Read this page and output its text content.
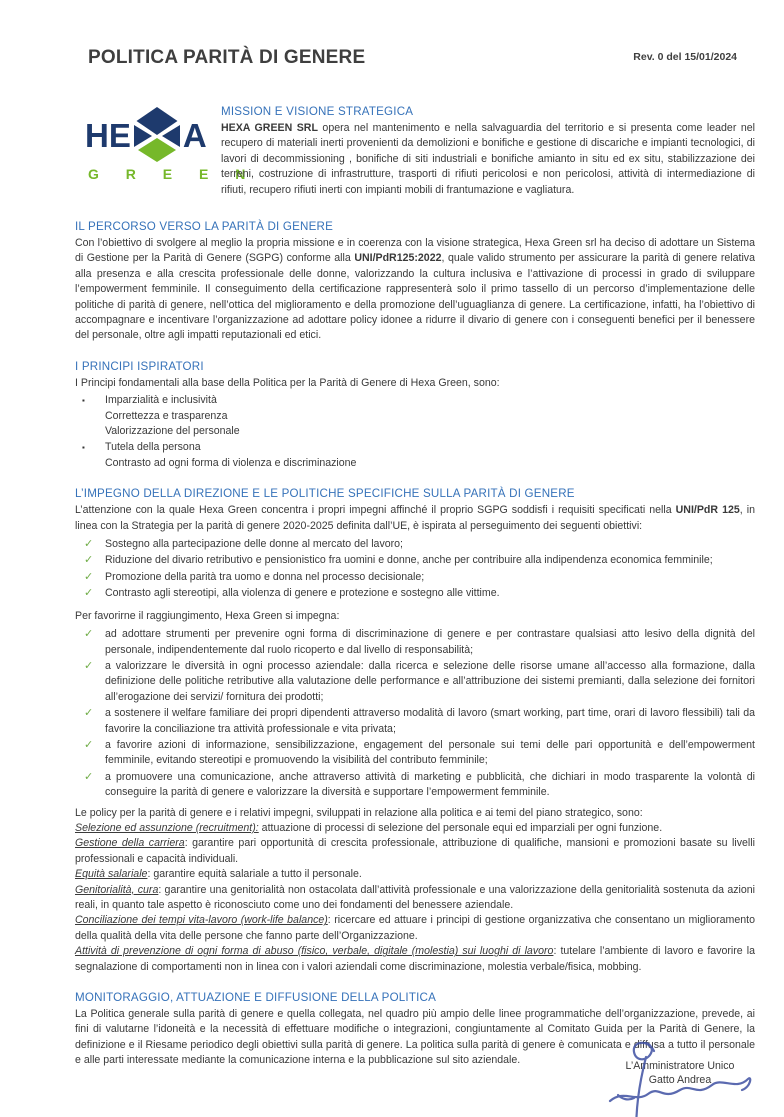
POLITICA PARITÀ DI GENERE	Rev. 0 del 15/01/2024
HE A
G R E E N
MISSION E VISIONE STRATEGICA

HEXA GREEN SRL opera nel mantenimento e nella salvaguardia del territorio e si presenta come leader nel recupero di materiali inerti provenienti da demolizioni e bonifiche e gestione di discariche e impianti tecnologici, di lavori di decommissioning , bonifiche di siti industriali e bonifiche amianto in situ ed ex situ, stabilizzazione dei terreni, costruzione di infrastrutture, trasporti di rifiuti pericolosi e non pericolosi, attività di intermediazione di rifiuti, recupero rifiuti inerti con impianti mobili di frantumazione e vagliatura.

IL PERCORSO VERSO LA PARITÀ DI GENERE

Con l’obiettivo di svolgere al meglio la propria missione e in coerenza con la visione strategica, Hexa Green srl ha deciso di adottare un Sistema di Gestione per la Parità di Genere (SGPG) conforme alla UNI/PdR125:2022, quale valido strumento per assicurare la parità di genere relativa alla presenza e alla crescita professionale delle donne, valorizzando la cultura inclusiva e l’attivazione di processi in grado di sviluppare l’empowerment femminile. Il conseguimento della certificazione rappresenterà solo il primo tassello di un percorso d’implementazione delle politiche di parità di genere, nell’ottica del miglioramento e della promozione dell’uguaglianza di genere. La certificazione, infatti, ha l’obiettivo di accompagnare e incentivare l’organizzazione ad adottare policy idonee a ridurre il divario di genere con i conseguenti benefici per il benessere del personale, oltre agli impatti reputazionali ed etici.

I PRINCIPI ISPIRATORI

I Principi fondamentali alla base della Politica per la Parità di Genere di Hexa Green, sono:

▪	Imparzialità e inclusività
Correttezza e trasparenza
Valorizzazione del personale
▪	Tutela della persona
Contrasto ad ogni forma di violenza e discriminazione
L’IMPEGNO DELLA DIREZIONE E LE POLITICHE SPECIFICHE SULLA PARITÀ DI GENERE

L’attenzione con la quale Hexa Green concentra i propri impegni affinché il proprio SGPG soddisfi i requisiti specificati nella UNI/PdR 125, in linea con la Strategia per la parità di genere 2020-2025 definita dall’UE, è ispirata al perseguimento dei seguenti obiettivi:

✓	Sostegno alla partecipazione delle donne al mercato del lavoro;
✓	Riduzione del divario retributivo e pensionistico fra uomini e donne, anche per contribuire alla indipendenza economica femminile;
✓	Promozione della parità tra uomo e donna nel processo decisionale;
✓	Contrasto agli stereotipi, alla violenza di genere e protezione e sostegno alle vittime.

Per favorirne il raggiungimento, Hexa Green si impegna:

✓	ad adottare strumenti per prevenire ogni forma di discriminazione di genere e per contrastare qualsiasi atto lesivo della dignità del personale, indipendentemente dal ruolo ricoperto e dal livello di responsabilità;
✓	a valorizzare le diversità in ogni processo aziendale: dalla ricerca e selezione delle risorse umane all’accesso alla formazione, dalla definizione delle politiche retributive alla valutazione delle performance e all’attribuzione dei sistemi premianti, dalla selezione dei fornitori all’erogazione dei servizi/ fornitura dei prodotti;
✓	a sostenere il welfare familiare dei propri dipendenti attraverso modalità di lavoro (smart working, part time, orari di lavoro flessibili) tali da favorire la conciliazione tra attività professionale e vita privata;
✓	a favorire azioni di informazione, sensibilizzazione, engagement del personale sui temi delle pari opportunità e dell’empowerment femminile, evitando stereotipi e promuovendo la visibilità del contributo femminile;
✓	a promuovere una comunicazione, anche attraverso attività di marketing e pubblicità, che dichiari in modo trasparente la volontà di conseguire la parità di genere e valorizzare la diversità e supportare l’empowerment femminile.

Le policy per la parità di genere e i relativi impegni, sviluppati in relazione alla politica e ai temi del piano strategico, sono:

Selezione ed assunzione (recruitment): attuazione di processi di selezione del personale equi ed imparziali per ogni funzione.

Gestione della carriera: garantire pari opportunità di crescita professionale, attribuzione di qualifiche, mansioni e promozioni basate su livelli professionali e capacità individuali.

Equità salariale: garantire equità salariale a tutto il personale.

Genitorialità, cura: garantire una genitorialità non ostacolata dall’attività professionale e una valorizzazione della genitorialità sostenuta da azioni reali, in quanto tale aspetto è riconosciuto come uno dei fondamenti del benessere aziendale.

Conciliazione dei tempi vita-lavoro (work-life balance): ricercare ed attuare i principi di gestione organizzativa che consentano un miglioramento della qualità della vita delle persone che fanno parte dell’Organizzazione.

Attività di prevenzione di ogni forma di abuso (fisico, verbale, digitale (molestia) sui luoghi di lavoro: tutelare l’ambiente di lavoro e favorire la segnalazione di comportamenti non in linea con i valori aziendali come discriminazione, molestia verbale/fisica, mobbing.

MONITORAGGIO, ATTUAZIONE E DIFFUSIONE DELLA POLITICA

La Politica generale sulla parità di genere e quella collegata, nel quadro più ampio delle linee programmatiche dell’organizzazione, prevede, ai fini di valutarne l’idoneità e la necessità di effettuare modifiche o integrazioni, congiuntamente al Comitato Guida per la Parità di Genere, la definizione e il Riesame periodico degli obiettivi sulla parità di genere. La politica sulla parità di genere è comunicata e diffusa a tutto il personale e alle parti interessate mediante la comunicazione interna e la pubblicazione sul sito aziendale.	L’Amministratore Unico
Gatto Andrea
